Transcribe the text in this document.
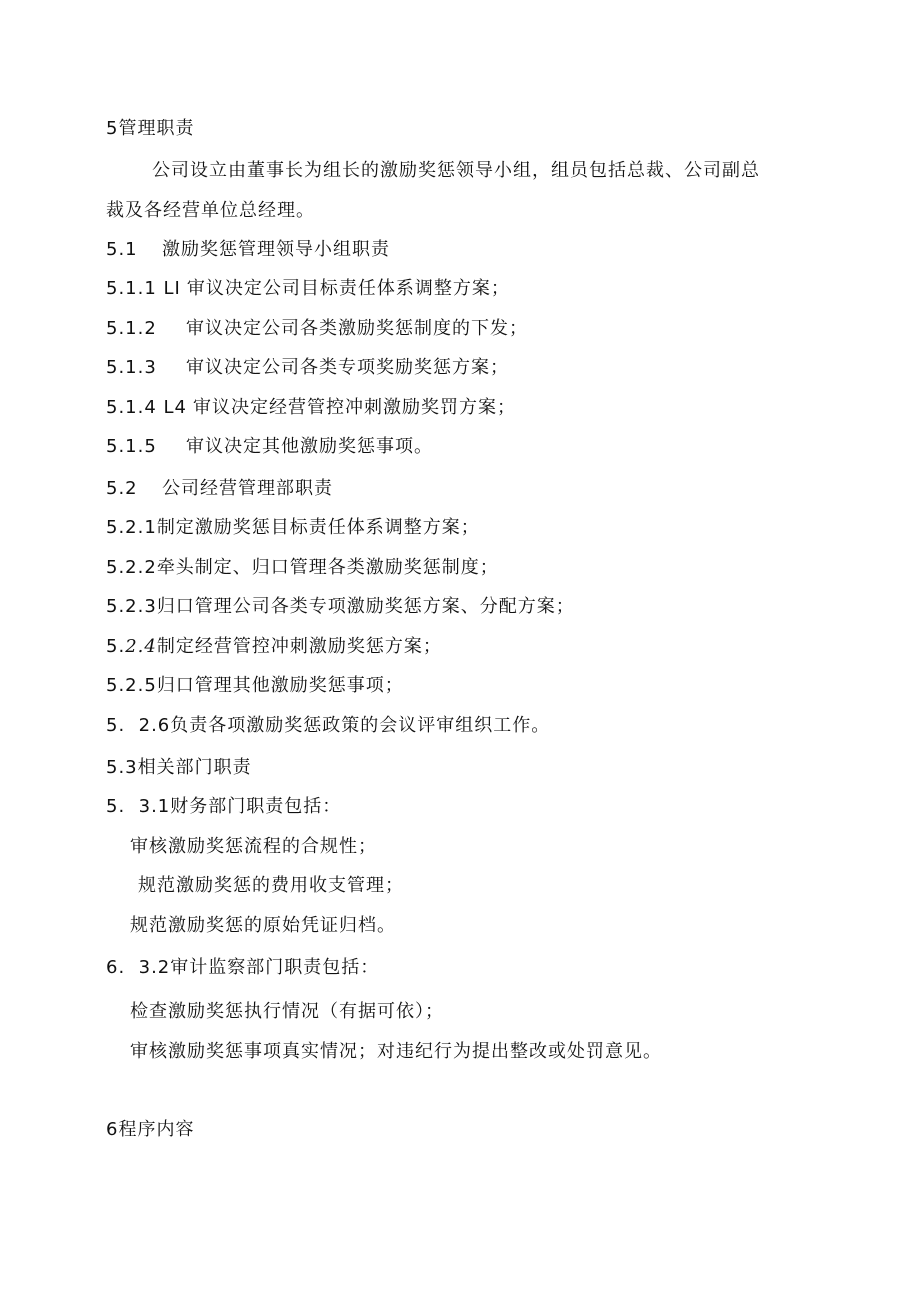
5管理职责
公司设立由董事长为组长的激励奖惩领导小组，组员包括总裁、公司副总
裁及各经营单位总经理。
5.1 激励奖惩管理领导小组职责
5.1.1 LI 审议决定公司目标责任体系调整方案；
5.1.2 审议决定公司各类激励奖惩制度的下发；
5.1.3 审议决定公司各类专项奖励奖惩方案；
5.1.4 L4 审议决定经营管控冲刺激励奖罚方案；
5.1.5 审议决定其他激励奖惩事项。
5.2 公司经营管理部职责
5.2.1制定激励奖惩目标责任体系调整方案；
5.2.2牵头制定、归口管理各类激励奖惩制度；
5.2.3归口管理公司各类专项激励奖惩方案、分配方案；
5.2.4制定经营管控冲刺激励奖惩方案；
5.2.5归口管理其他激励奖惩事项；
5.  2.6负责各项激励奖惩政策的会议评审组织工作。
5.3相关部门职责
5.  3.1财务部门职责包括：
审核激励奖惩流程的合规性；
规范激励奖惩的费用收支管理；
规范激励奖惩的原始凭证归档。
6.  3.2审计监察部门职责包括：
检查激励奖惩执行情况（有据可依）；
审核激励奖惩事项真实情况；对违纪行为提出整改或处罚意见。
6程序内容
